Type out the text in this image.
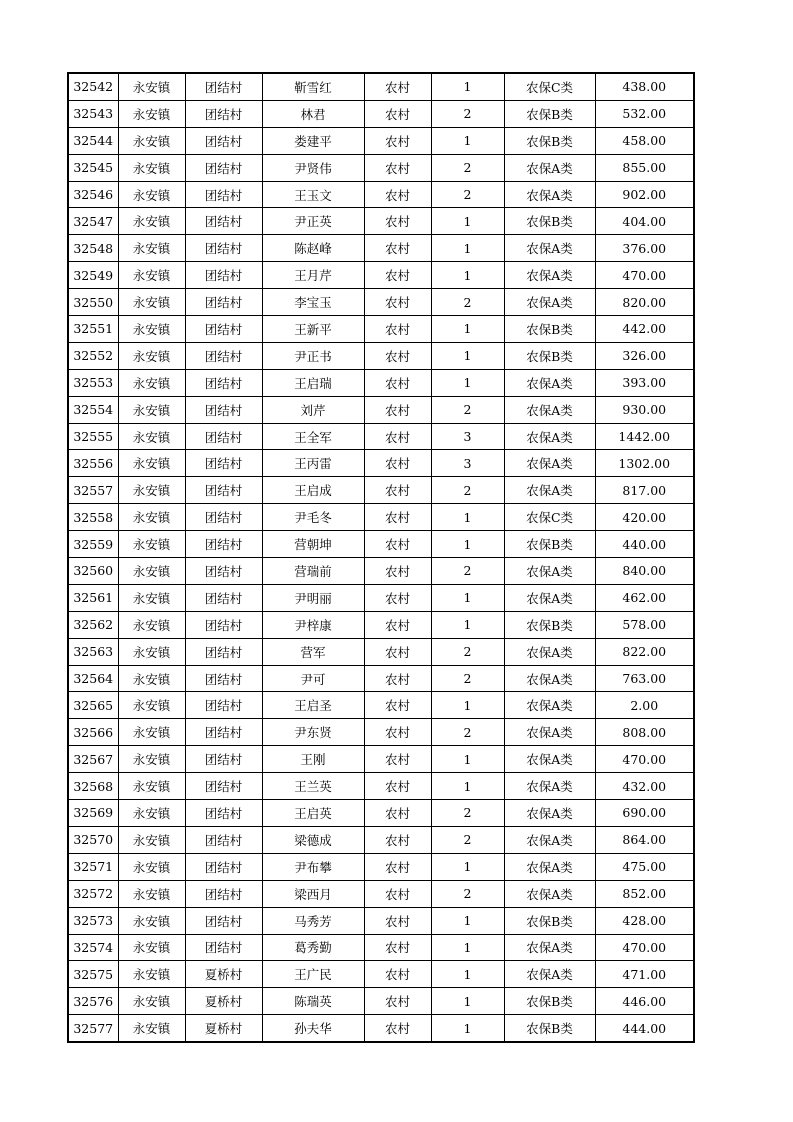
32542	永安镇	团结村	靳雪红	农村	1	农保C类	438.00
32543	永安镇	团结村	林君	农村	2	农保B类	532.00
32544	永安镇	团结村	娄建平	农村	1	农保B类	458.00
32545	永安镇	团结村	尹贤伟	农村	2	农保A类	855.00
32546	永安镇	团结村	王玉文	农村	2	农保A类	902.00
32547	永安镇	团结村	尹正英	农村	1	农保B类	404.00
32548	永安镇	团结村	陈赵峰	农村	1	农保A类	376.00
32549	永安镇	团结村	王月芹	农村	1	农保A类	470.00
32550	永安镇	团结村	李宝玉	农村	2	农保A类	820.00
32551	永安镇	团结村	王新平	农村	1	农保B类	442.00
32552	永安镇	团结村	尹正书	农村	1	农保B类	326.00
32553	永安镇	团结村	王启瑞	农村	1	农保A类	393.00
32554	永安镇	团结村	刘芹	农村	2	农保A类	930.00
32555	永安镇	团结村	王全军	农村	3	农保A类	1442.00
32556	永安镇	团结村	王丙雷	农村	3	农保A类	1302.00
32557	永安镇	团结村	王启成	农村	2	农保A类	817.00
32558	永安镇	团结村	尹毛冬	农村	1	农保C类	420.00
32559	永安镇	团结村	营朝坤	农村	1	农保B类	440.00
32560	永安镇	团结村	营瑞前	农村	2	农保A类	840.00
32561	永安镇	团结村	尹明丽	农村	1	农保A类	462.00
32562	永安镇	团结村	尹梓康	农村	1	农保B类	578.00
32563	永安镇	团结村	营军	农村	2	农保A类	822.00
32564	永安镇	团结村	尹可	农村	2	农保A类	763.00
32565	永安镇	团结村	王启圣	农村	1	农保A类	2.00
32566	永安镇	团结村	尹东贤	农村	2	农保A类	808.00
32567	永安镇	团结村	王刚	农村	1	农保A类	470.00
32568	永安镇	团结村	王兰英	农村	1	农保A类	432.00
32569	永安镇	团结村	王启英	农村	2	农保A类	690.00
32570	永安镇	团结村	梁德成	农村	2	农保A类	864.00
32571	永安镇	团结村	尹布攀	农村	1	农保A类	475.00
32572	永安镇	团结村	梁西月	农村	2	农保A类	852.00
32573	永安镇	团结村	马秀芳	农村	1	农保B类	428.00
32574	永安镇	团结村	葛秀勤	农村	1	农保A类	470.00
32575	永安镇	夏桥村	王广民	农村	1	农保A类	471.00
32576	永安镇	夏桥村	陈瑞英	农村	1	农保B类	446.00
32577	永安镇	夏桥村	孙夫华	农村	1	农保B类	444.00
